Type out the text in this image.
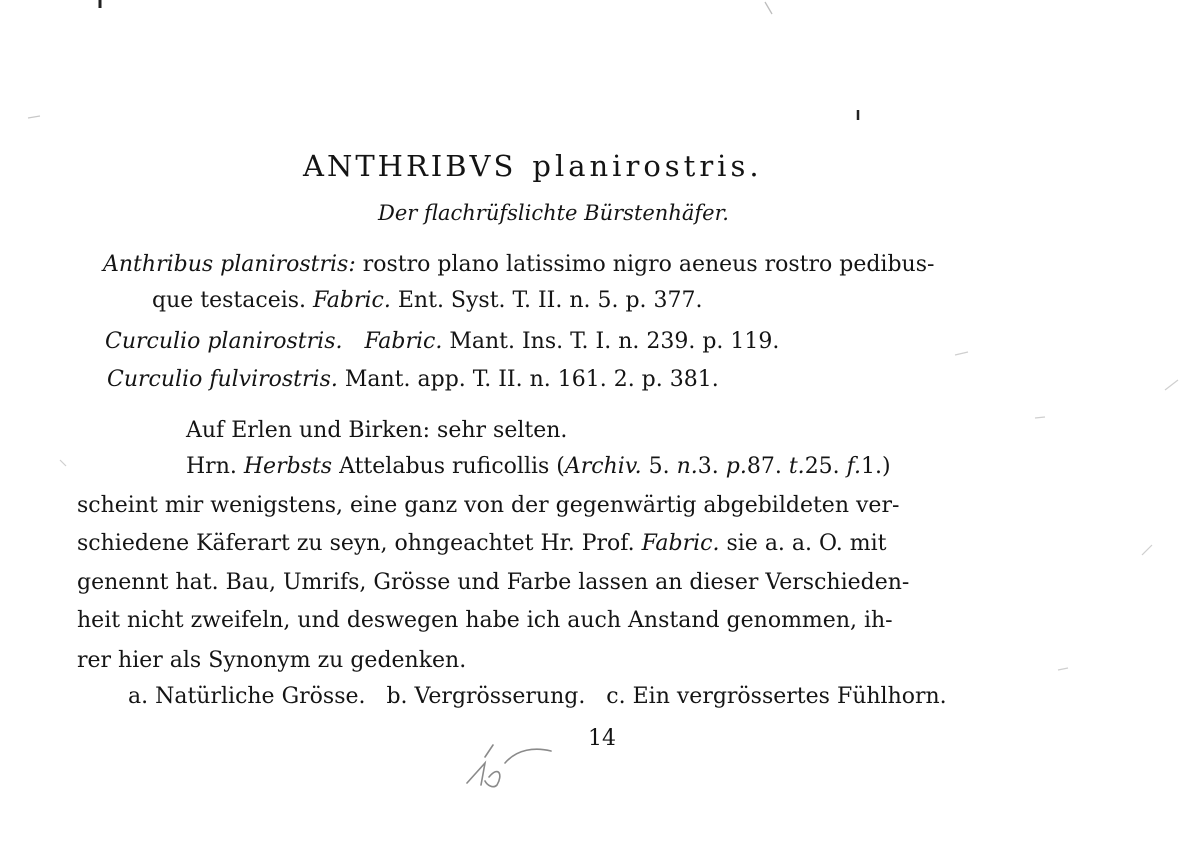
ANTHRIBVS planirostris.
Der flachrüfslichte Bürstenhäfer.
Anthribus planirostris: rostro plano latissimo nigro aeneus rostro pedibus-
que testaceis. Fabric. Ent. Syst. T. II. n. 5. p. 377.
Curculio planirostris.  Fabric. Mant. Ins. T. I. n. 239. p. 119.
Curculio fulvirostris. Mant. app. T. II. n. 161. 2. p. 381.
Auf Erlen und Birken: sehr selten.
Hrn. Herbsts Attelabus ruficollis (Archiv. 5. n.3. p.87. t.25. f.1.)
scheint mir wenigstens, eine ganz von der gegenwärtig abgebildeten ver-
schiedene Käferart zu seyn, ohngeachtet Hr. Prof. Fabric. sie a. a. O. mit
genennt hat. Bau, Umrifs, Grösse und Farbe lassen an dieser Verschieden-
heit nicht zweifeln, und deswegen habe ich auch Anstand genommen, ih-
rer hier als Synonym zu gedenken.
a. Natürliche Grösse.   b. Vergrösserung.   c. Ein vergrössertes Fühlhorn.
14
